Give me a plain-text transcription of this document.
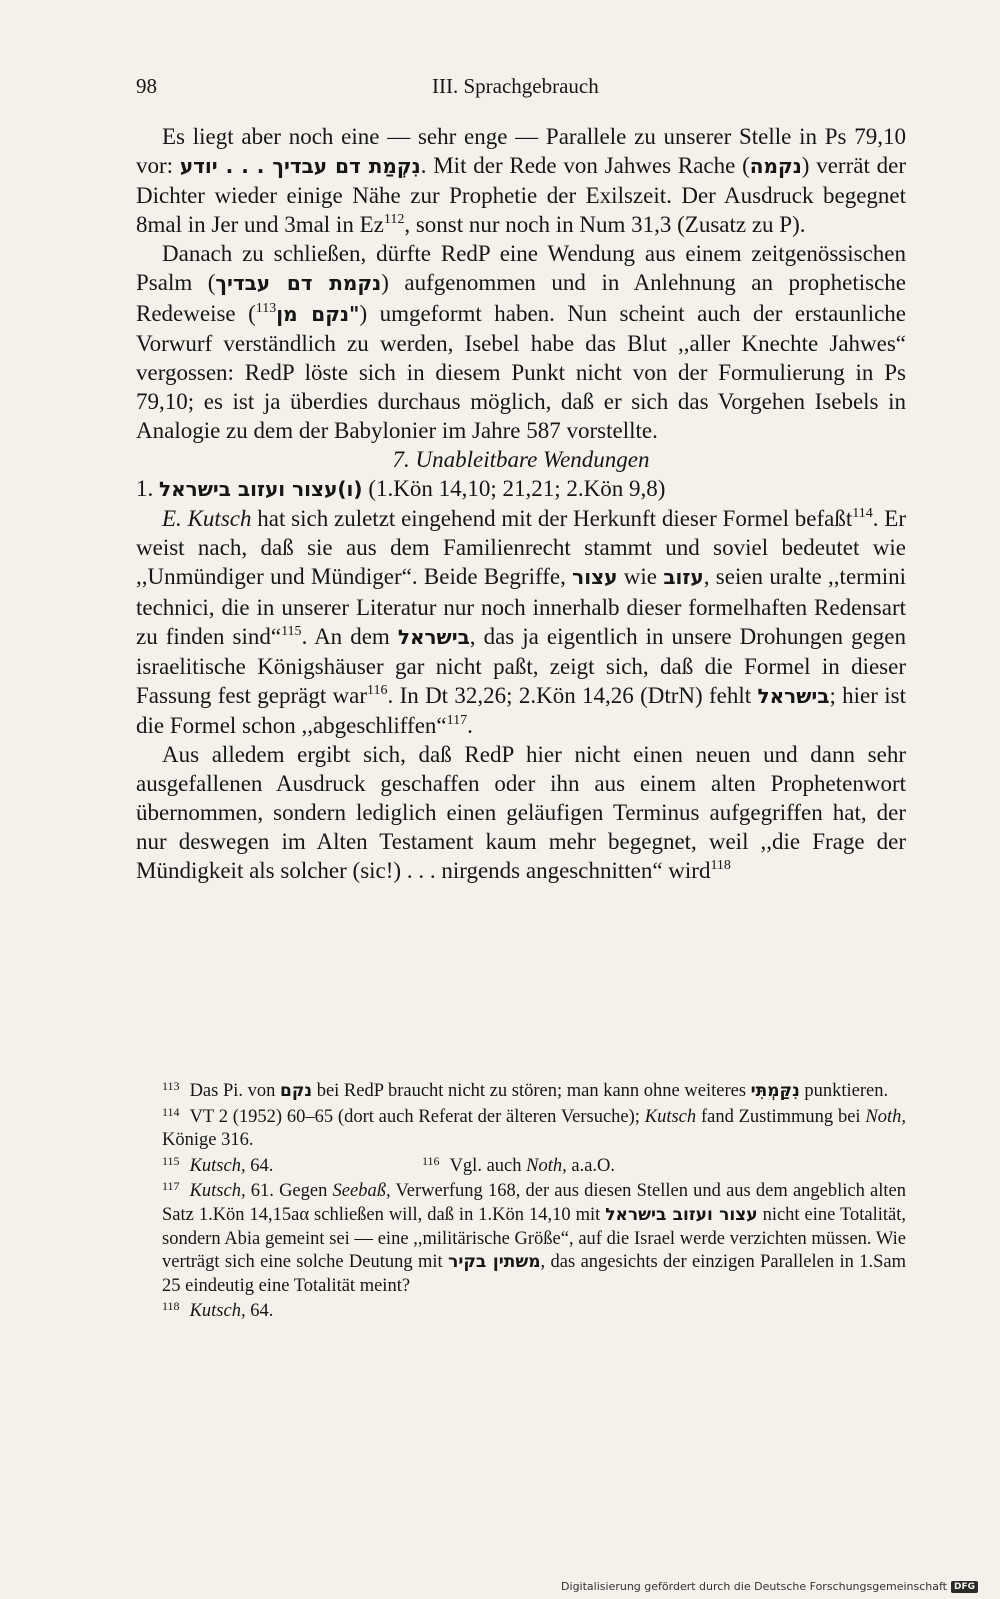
98	III. Sprachgebrauch

Es liegt aber noch eine — sehr enge — Parallele zu unserer Stelle in Ps 79,10 vor: נִקְמַת דם עבדיך . . . יודע. Mit der Rede von Jahwes Rache (נקמה) verrät der Dichter wieder einige Nähe zur Prophetie der Exilszeit. Der Ausdruck begegnet 8mal in Jer und 3mal in Ez$^{112}$, sonst nur noch in Num 31,3 (Zusatz zu P).

Danach zu schließen, dürfte RedP eine Wendung aus einem zeitgenössischen Psalm (נקמת דם עבדיך) aufgenommen und in Anlehnung an prophetische Redeweise ( "נקם מן$^{113}$	) umgeformt haben. Nun scheint auch der erstaunliche Vorwurf verständlich zu werden, Isebel habe das Blut ,,aller Knechte Jahwes“ vergossen: RedP löste sich in diesem Punkt nicht von der Formulierung in Ps 79,10; es ist ja überdies durchaus möglich, daß er sich das Vorgehen Isebels in Analogie zu dem der Babylonier im Jahre 587 vorstellte.

7. Unableitbare Wendungen

1. (ו)עצור ועזוב בישראל (1.Kön 14,10; 21,21; 2.Kön 9,8)

E. Kutsch hat sich zuletzt eingehend mit der Herkunft dieser Formel befaßt$^{114}$. Er weist nach, daß sie aus dem Familienrecht stammt und soviel bedeutet wie ,,Unmündiger und Mündiger“. Beide Begriffe, עצור wie עזוב, seien uralte ,,termini technici, die in unserer Literatur nur noch innerhalb dieser formelhaften Redensart zu finden sind“$^{115}$. An dem בישראל, das ja eigentlich in unsere Drohungen gegen israelitische Königshäuser gar nicht paßt, zeigt sich, daß die Formel in dieser Fassung fest geprägt war$^{116}$. In Dt 32,26; 2.Kön 14,26 (DtrN) fehlt בישראל; hier ist die Formel schon ,,abgeschliffen“$^{117}$.

Aus alledem ergibt sich, daß RedP hier nicht einen neuen und dann sehr ausgefallenen Ausdruck geschaffen oder ihn aus einem alten Prophetenwort übernommen, sondern lediglich einen geläufigen Terminus aufgegriffen hat, der nur deswegen im Alten Testament kaum mehr begegnet, weil ,,die Frage der Mündigkeit als solcher (sic!) . . . nirgends angeschnitten“ wird$^{118}$

$^{113}$ Das Pi. von נקם bei RedP braucht nicht zu stören; man kann ohne weiteres נִקַּמְתִּי punktieren.

$^{114}$ VT 2 (1952) 60–65 (dort auch Referat der älteren Versuche); Kutsch fand Zustimmung bei Noth, Könige 316.

$^{115}$ Kutsch, 64.	$^{116}$ Vgl. auch Noth, a.a.O.

$^{117}$ Kutsch, 61. Gegen Seebaß, Verwerfung 168, der aus diesen Stellen und aus dem angeblich alten Satz 1.Kön 14,15aα schließen will, daß in 1.Kön 14,10 mit עצור ועזוב בישראל nicht eine Totalität, sondern Abia gemeint sei — eine ,,militärische Größe“, auf die Israel werde verzichten müssen. Wie verträgt sich eine solche Deutung mit משתין בקיר, das angesichts der einzigen Parallelen in 1.Sam 25 eindeutig eine Totalität meint?

$^{118}$ Kutsch, 64.

Digitalisierung gefördert durch die Deutsche Forschungsgemeinschaft DFG
